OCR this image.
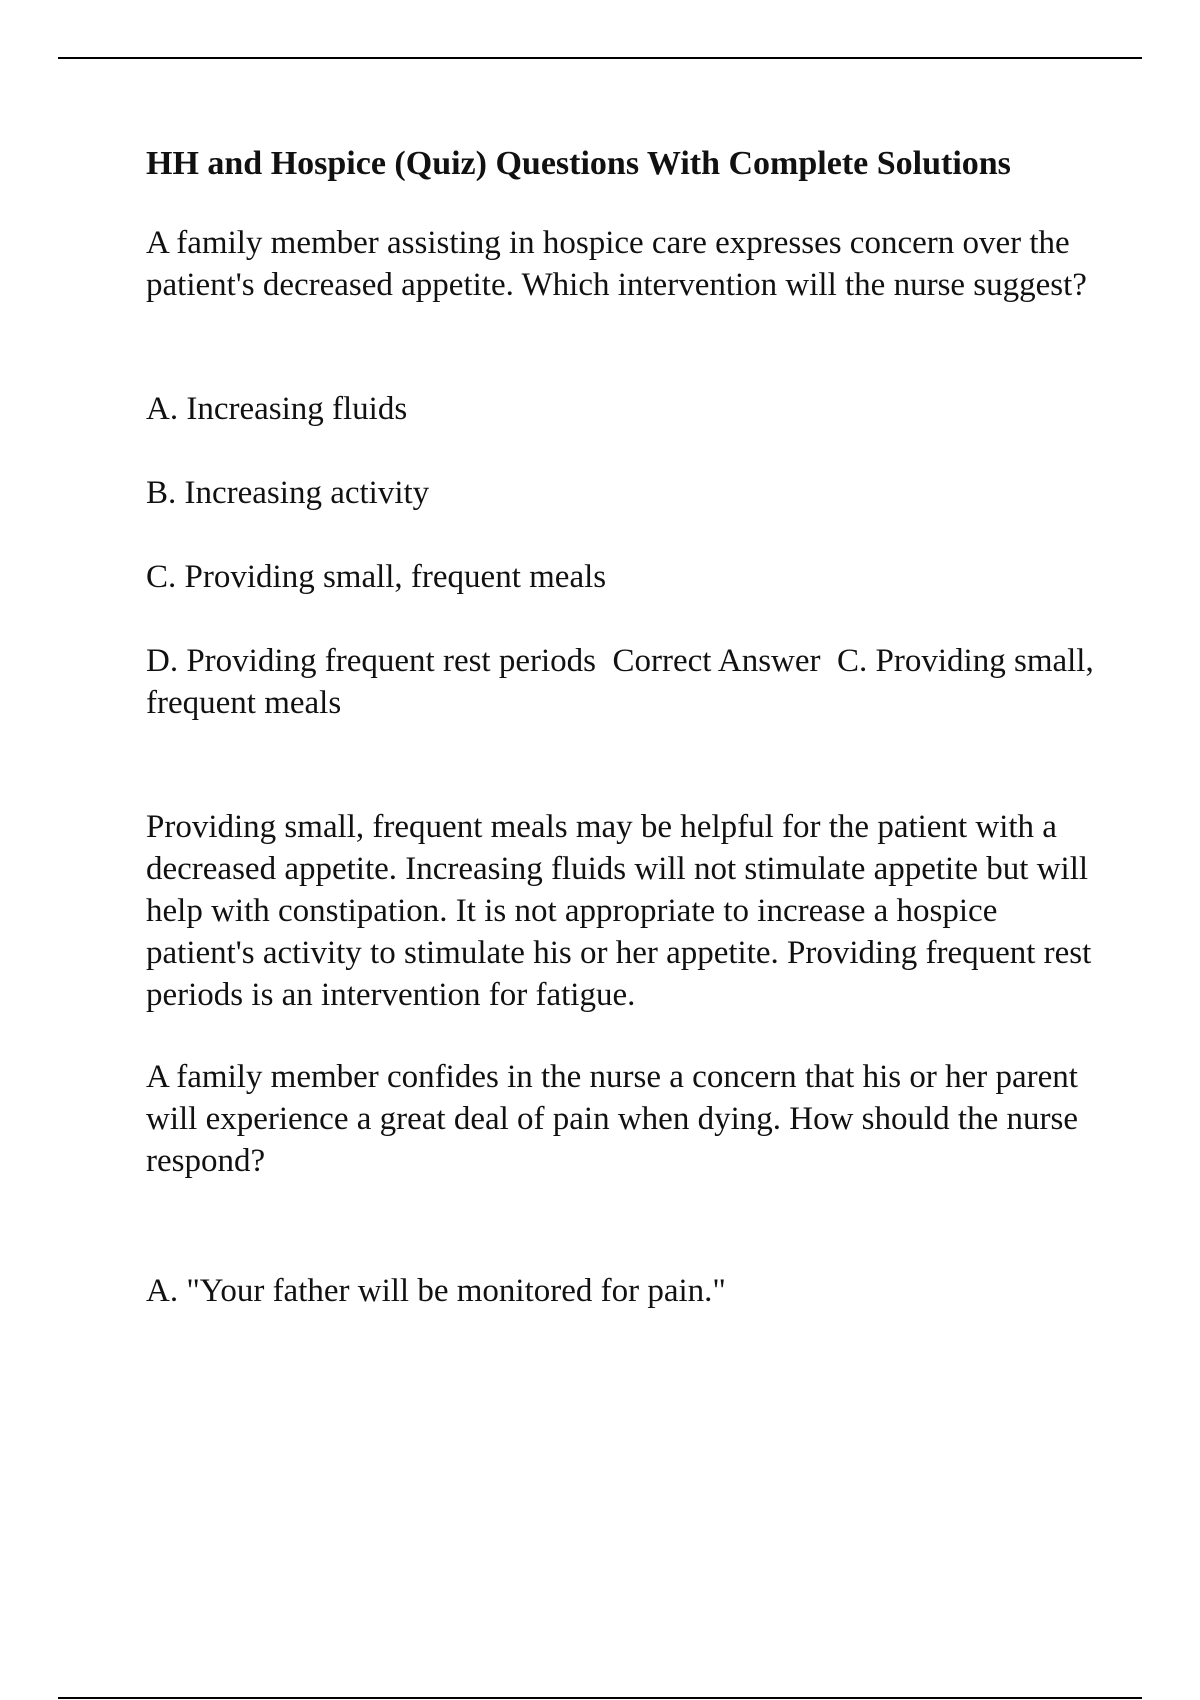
HH and Hospice (Quiz) Questions With Complete Solutions

A family member assisting in hospice care expresses concern over the patient's decreased appetite. Which intervention will the nurse suggest?

A. Increasing fluids

B. Increasing activity

C. Providing small, frequent meals

D. Providing frequent rest periods Correct Answer C. Providing small, frequent meals

Providing small, frequent meals may be helpful for the patient with a decreased appetite. Increasing fluids will not stimulate appetite but will help with constipation. It is not appropriate to increase a hospice patient's activity to stimulate his or her appetite. Providing frequent rest periods is an intervention for fatigue.

A family member confides in the nurse a concern that his or her parent will experience a great deal of pain when dying. How should the nurse respond?

A. "Your father will be monitored for pain."
